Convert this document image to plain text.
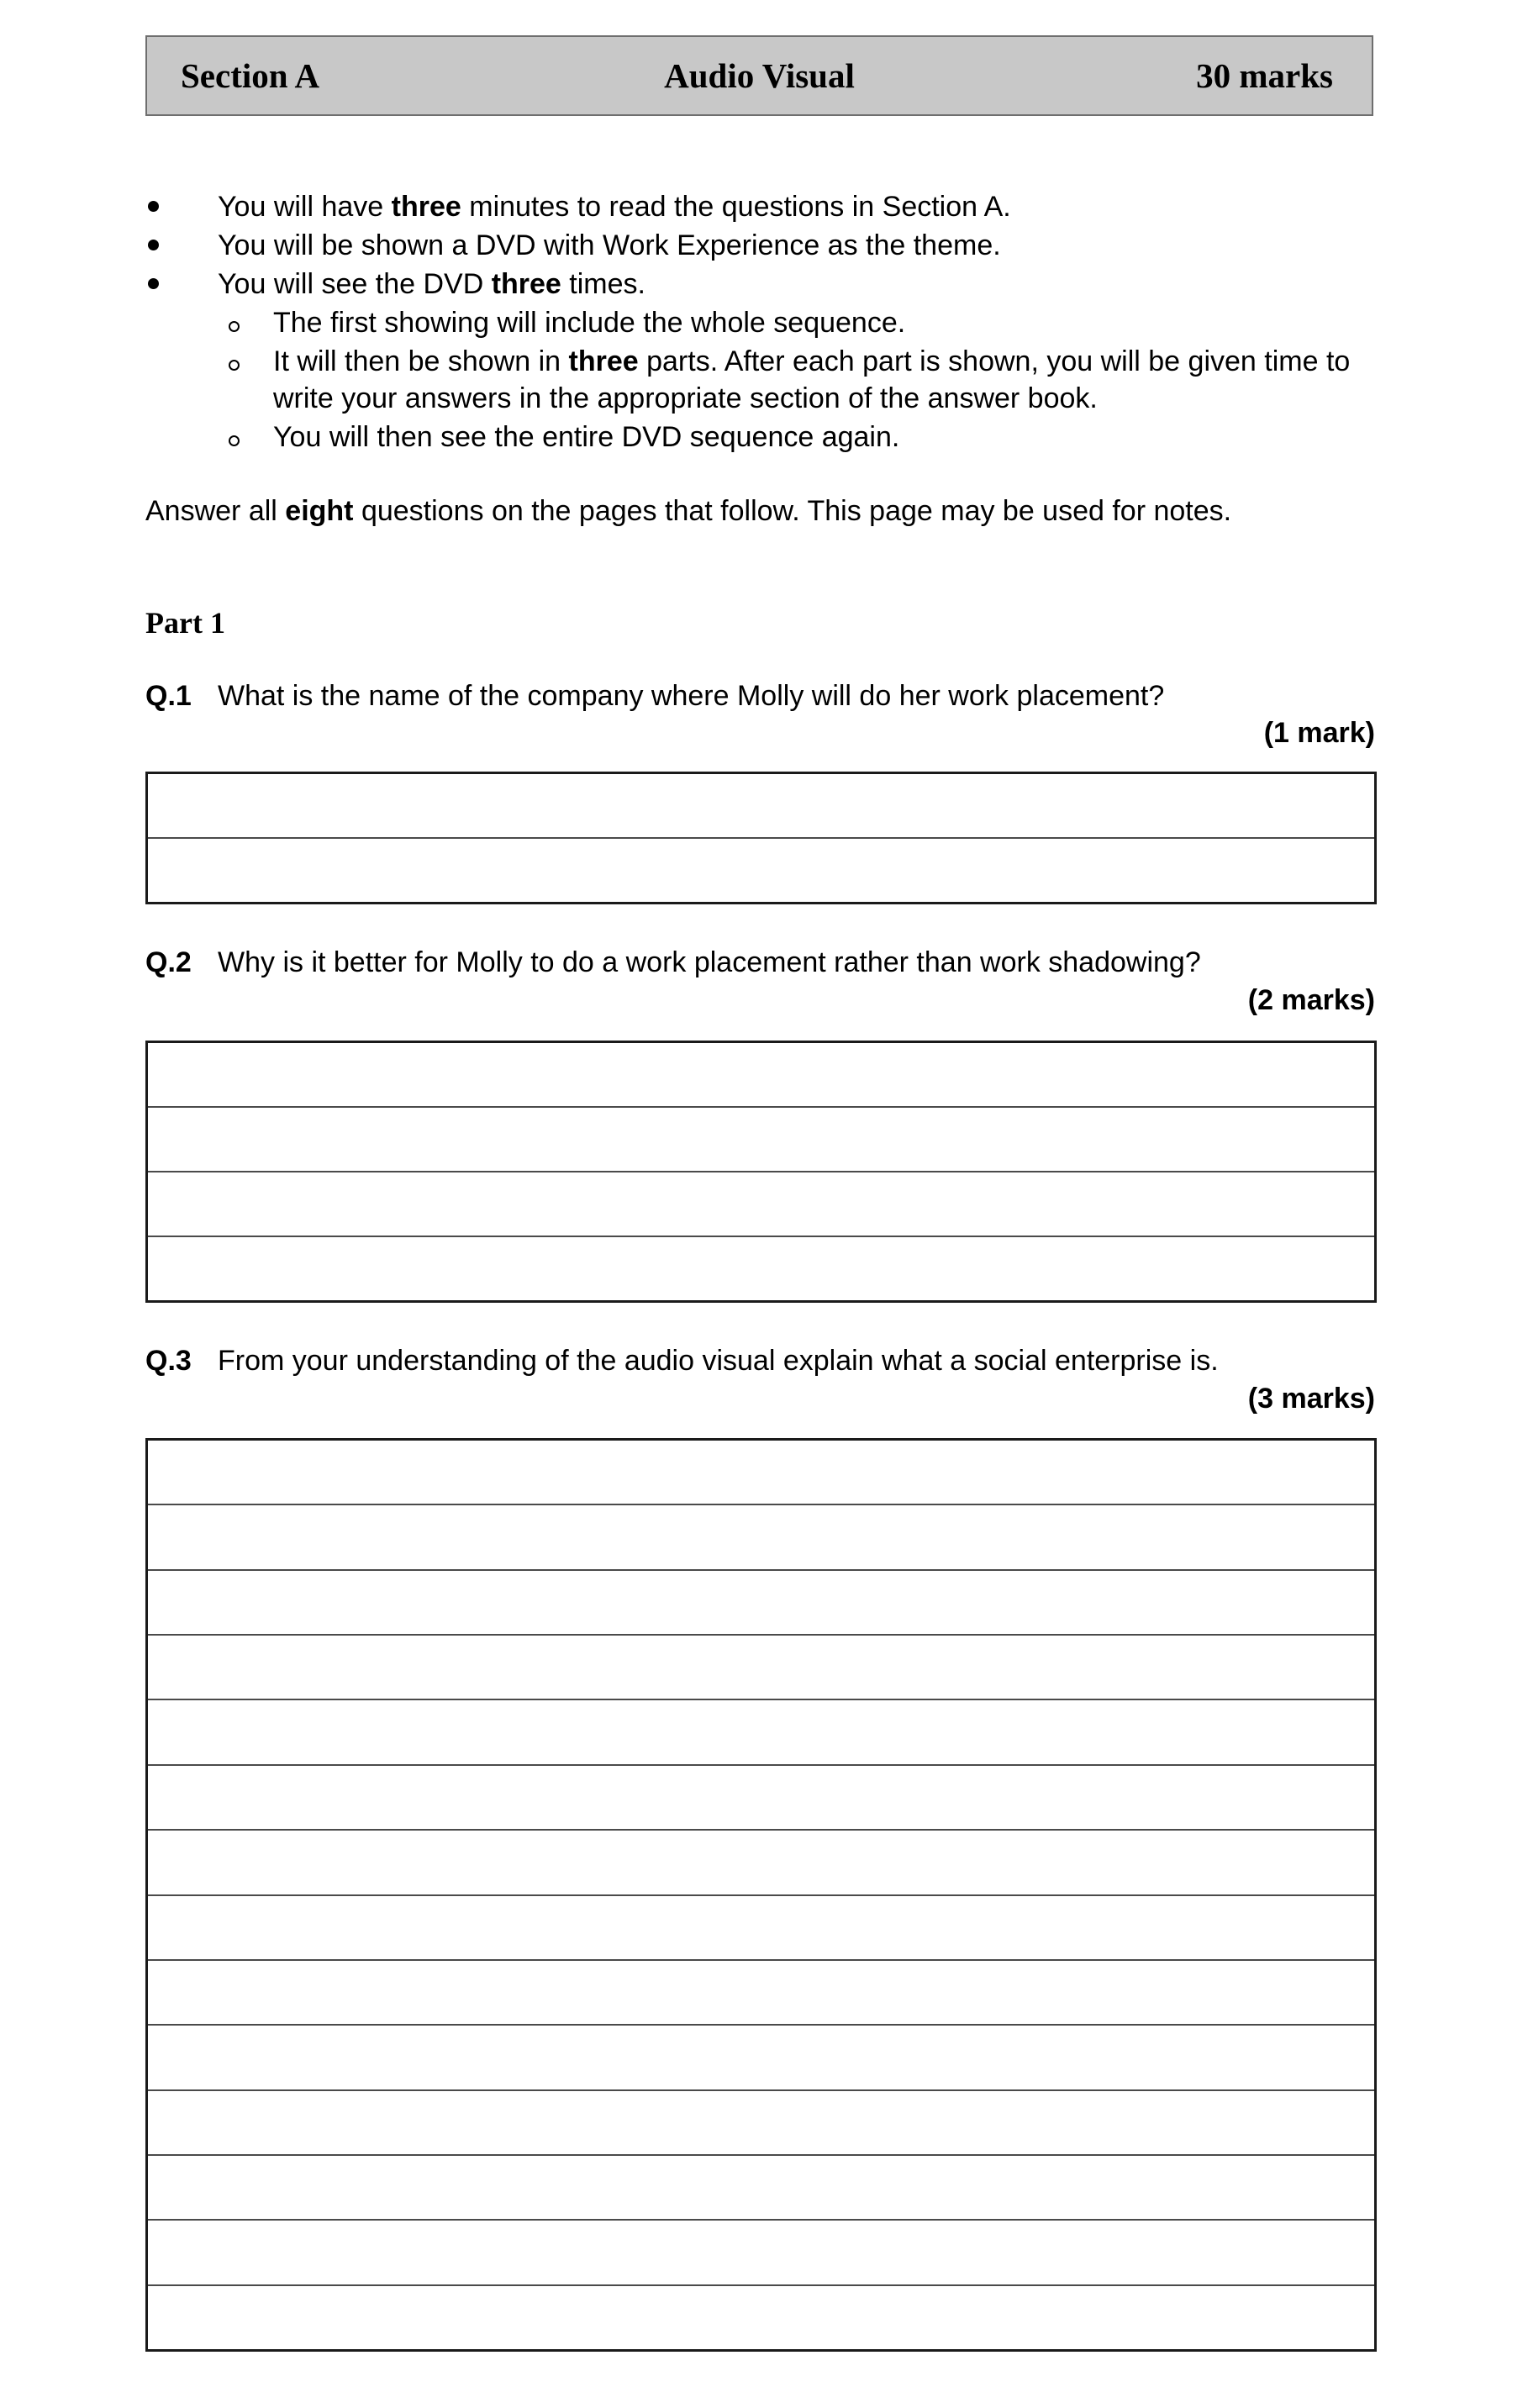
Section A	Audio Visual	30 marks
You will have three minutes to read the questions in Section A.
You will be shown a DVD with Work Experience as the theme.
You will see the DVD three times.
The first showing will include the whole sequence.
It will then be shown in three parts. After each part is shown, you will be given time to
write your answers in the appropriate section of the answer book.
You will then see the entire DVD sequence again.
Answer all eight questions on the pages that follow. This page may be used for notes.
Part 1
Q.1 What is the name of the company where Molly will do her work placement?
(1 mark)
Q.2 Why is it better for Molly to do a work placement rather than work shadowing?
(2 marks)
Q.3 From your understanding of the audio visual explain what a social enterprise is.
(3 marks)
